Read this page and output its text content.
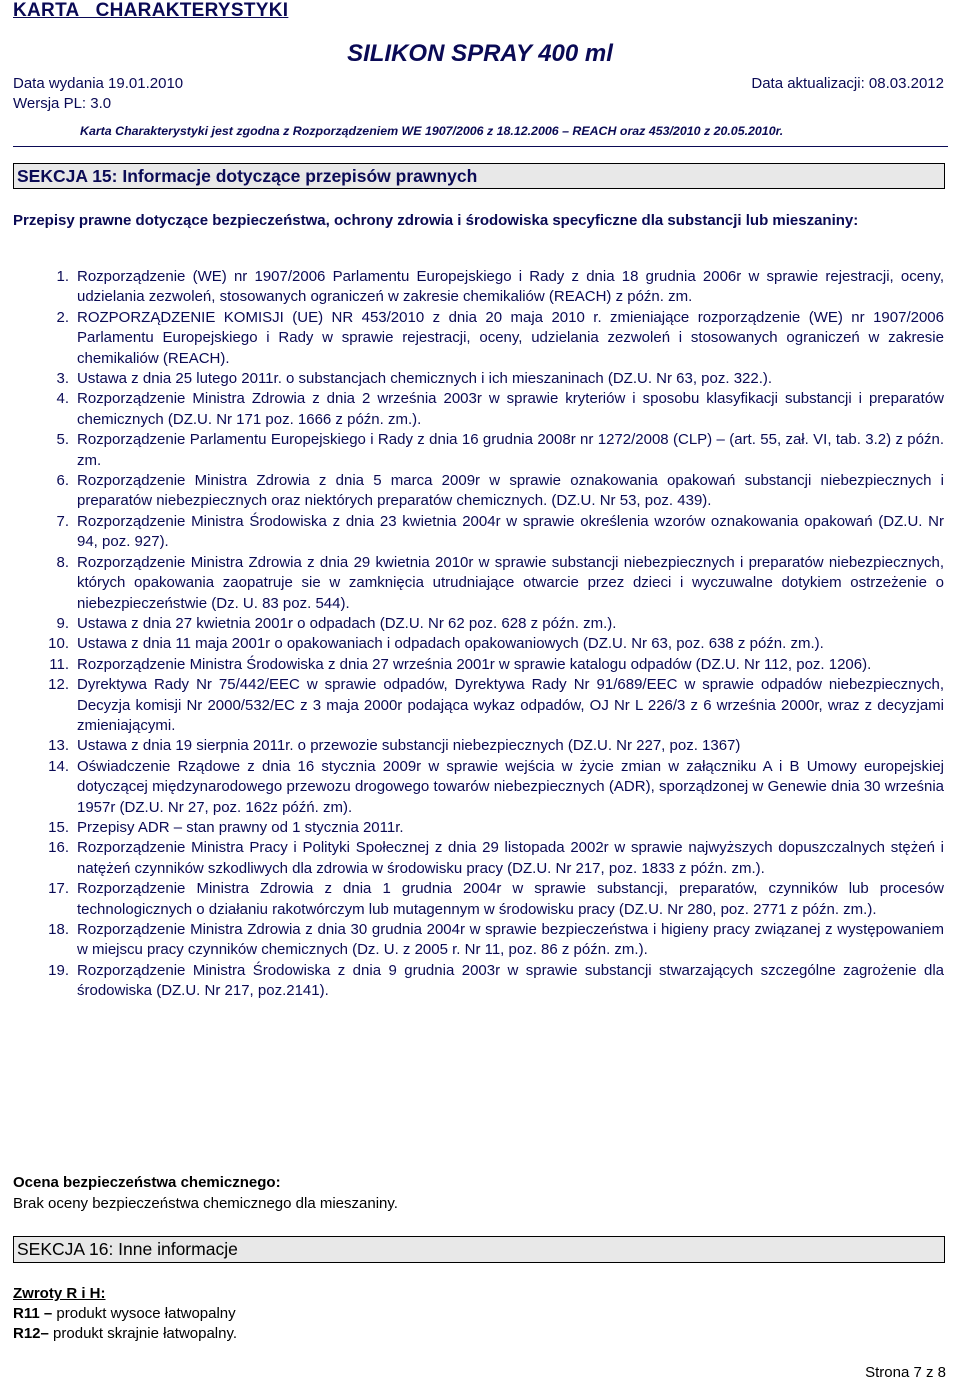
KARTA   CHARAKTERYSTYKI
SILIKON SPRAY 400 ml
Data wydania 19.01.2010	Data aktualizacji: 08.03.2012
Wersja PL: 3.0
Karta Charakterystyki jest zgodna z Rozporządzeniem WE 1907/2006 z 18.12.2006 – REACH oraz 453/2010 z 20.05.2010r.
SEKCJA 15: Informacje dotyczące przepisów prawnych
Przepisy prawne dotyczące bezpieczeństwa, ochrony zdrowia i środowiska specyficzne dla substancji lub mieszaniny:
1. Rozporządzenie (WE) nr 1907/2006 Parlamentu Europejskiego i Rady z dnia 18 grudnia 2006r w sprawie rejestracji, oceny, udzielania zezwoleń, stosowanych ograniczeń w zakresie chemikaliów (REACH) z późn. zm.
2. ROZPORZĄDZENIE KOMISJI (UE) NR 453/2010 z dnia 20 maja 2010 r. zmieniające rozporządzenie (WE) nr 1907/2006 Parlamentu Europejskiego i Rady w sprawie rejestracji, oceny, udzielania zezwoleń i stosowanych ograniczeń w zakresie chemikaliów (REACH).
3. Ustawa z dnia 25 lutego 2011r. o substancjach chemicznych i ich mieszaninach (DZ.U. Nr 63, poz. 322.).
4. Rozporządzenie Ministra Zdrowia z dnia 2 września 2003r w sprawie kryteriów i sposobu klasyfikacji substancji i preparatów chemicznych (DZ.U. Nr 171 poz. 1666 z późn. zm.).
5. Rozporządzenie Parlamentu Europejskiego i Rady z dnia 16 grudnia 2008r nr 1272/2008 (CLP) – (art. 55, zał. VI, tab. 3.2) z późn. zm.
6. Rozporządzenie Ministra Zdrowia z dnia 5 marca 2009r w sprawie oznakowania opakowań substancji niebezpiecznych i preparatów niebezpiecznych oraz niektórych preparatów chemicznych. (DZ.U. Nr 53, poz. 439).
7. Rozporządzenie Ministra Środowiska z dnia 23 kwietnia 2004r w sprawie określenia wzorów oznakowania opakowań (DZ.U. Nr 94, poz. 927).
8. Rozporządzenie Ministra Zdrowia z dnia 29 kwietnia 2010r w sprawie substancji niebezpiecznych i preparatów niebezpiecznych, których opakowania zaopatruje sie w zamknięcia utrudniające otwarcie przez dzieci i wyczuwalne dotykiem ostrzeżenie o niebezpieczeństwie (Dz. U. 83 poz. 544).
9. Ustawa z dnia 27 kwietnia 2001r o odpadach (DZ.U. Nr 62 poz. 628 z późn. zm.).
10. Ustawa z dnia 11 maja 2001r o opakowaniach i odpadach opakowaniowych (DZ.U. Nr 63, poz. 638 z późn. zm.).
11. Rozporządzenie Ministra Środowiska z dnia 27 września 2001r w sprawie katalogu odpadów (DZ.U. Nr 112, poz. 1206).
12. Dyrektywa Rady Nr 75/442/EEC w sprawie odpadów, Dyrektywa Rady Nr 91/689/EEC w sprawie odpadów niebezpiecznych, Decyzja komisji Nr 2000/532/EC z 3 maja 2000r podająca wykaz odpadów, OJ Nr L 226/3 z 6 września 2000r, wraz z decyzjami zmieniającymi.
13. Ustawa z dnia 19 sierpnia 2011r. o przewozie substancji niebezpiecznych (DZ.U. Nr 227, poz. 1367)
14. Oświadczenie Rządowe z dnia 16 stycznia 2009r w sprawie wejścia w życie zmian w załączniku A i B Umowy europejskiej dotyczącej międzynarodowego przewozu drogowego towarów niebezpiecznych (ADR), sporządzonej w Genewie dnia 30 września 1957r (DZ.U. Nr 27, poz. 162z późń. zm).
15. Przepisy ADR – stan prawny od 1 stycznia 2011r.
16. Rozporządzenie Ministra Pracy i Polityki Społecznej z dnia 29 listopada 2002r w sprawie najwyższych dopuszczalnych stężeń i natężeń czynników szkodliwych dla zdrowia w środowisku pracy (DZ.U. Nr 217, poz. 1833 z późn. zm.).
17. Rozporządzenie Ministra Zdrowia z dnia 1 grudnia 2004r w sprawie substancji, preparatów, czynników lub procesów technologicznych o działaniu rakotwórczym lub mutagennym w środowisku pracy (DZ.U. Nr 280, poz. 2771 z późn. zm.).
18. Rozporządzenie Ministra Zdrowia z dnia 30 grudnia 2004r w sprawie bezpieczeństwa i higieny pracy związanej z występowaniem w miejscu pracy czynników chemicznych (Dz. U. z 2005 r. Nr 11, poz. 86 z późn. zm.).
19. Rozporządzenie Ministra Środowiska z dnia 9 grudnia 2003r w sprawie substancji stwarzających szczególne zagrożenie dla środowiska (DZ.U. Nr 217, poz.2141).
Ocena bezpieczeństwa chemicznego:
Brak oceny bezpieczeństwa chemicznego dla mieszaniny.
SEKCJA 16: Inne informacje
Zwroty R i H:
R11 – produkt wysoce łatwopalny
R12– produkt skrajnie łatwopalny.
Strona 7 z 8
